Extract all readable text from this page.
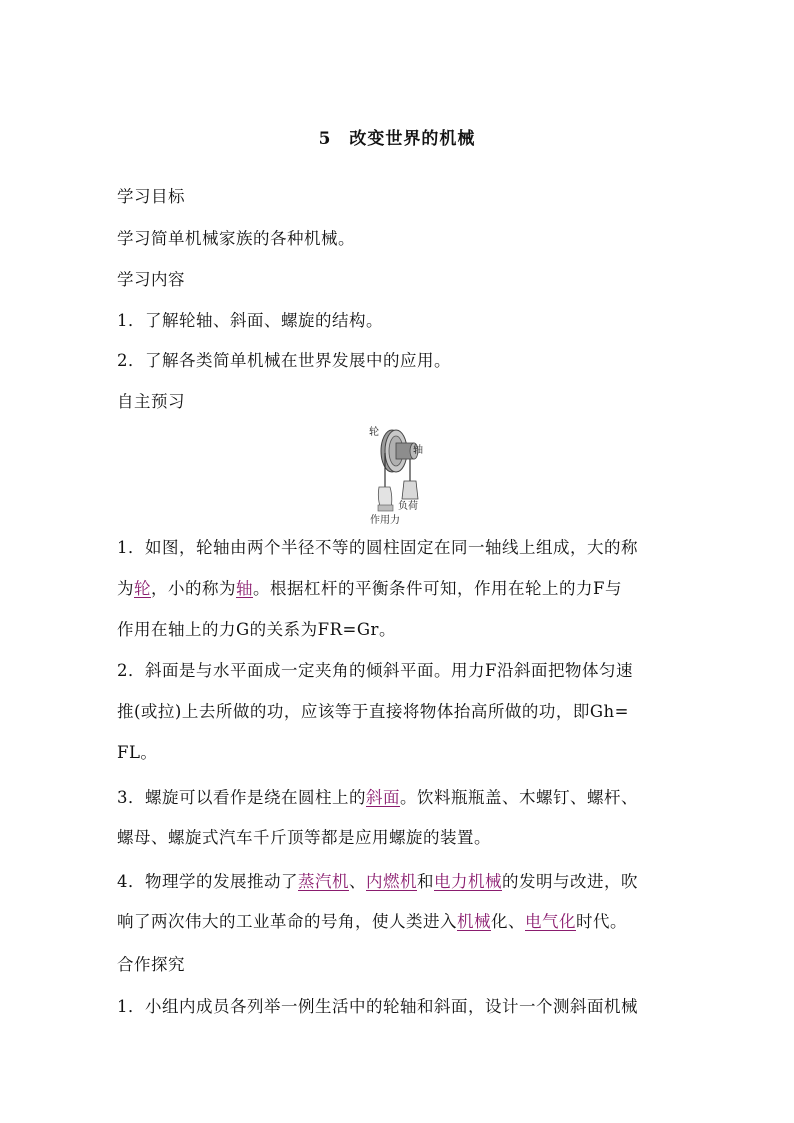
5　改变世界的机械
学习目标
学习简单机械家族的各种机械。
学习内容
1．了解轮轴、斜面、螺旋的结构。
2．了解各类简单机械在世界发展中的应用。
自主预习
轮
轴
负荷
作用力
1．如图，轮轴由两个半径不等的圆柱固定在同一轴线上组成，大的称
为轮，小的称为轴。根据杠杆的平衡条件可知，作用在轮上的力F与
作用在轴上的力G的关系为FR=Gr。
2．斜面是与水平面成一定夹角的倾斜平面。用力F沿斜面把物体匀速
推(或拉)上去所做的功，应该等于直接将物体抬高所做的功，即Gh=
FL。
3．螺旋可以看作是绕在圆柱上的斜面。饮料瓶瓶盖、木螺钉、螺杆、
螺母、螺旋式汽车千斤顶等都是应用螺旋的装置。
4．物理学的发展推动了蒸汽机、内燃机和电力机械的发明与改进，吹
响了两次伟大的工业革命的号角，使人类进入机械化、电气化时代。
合作探究
1．小组内成员各列举一例生活中的轮轴和斜面，设计一个测斜面机械
